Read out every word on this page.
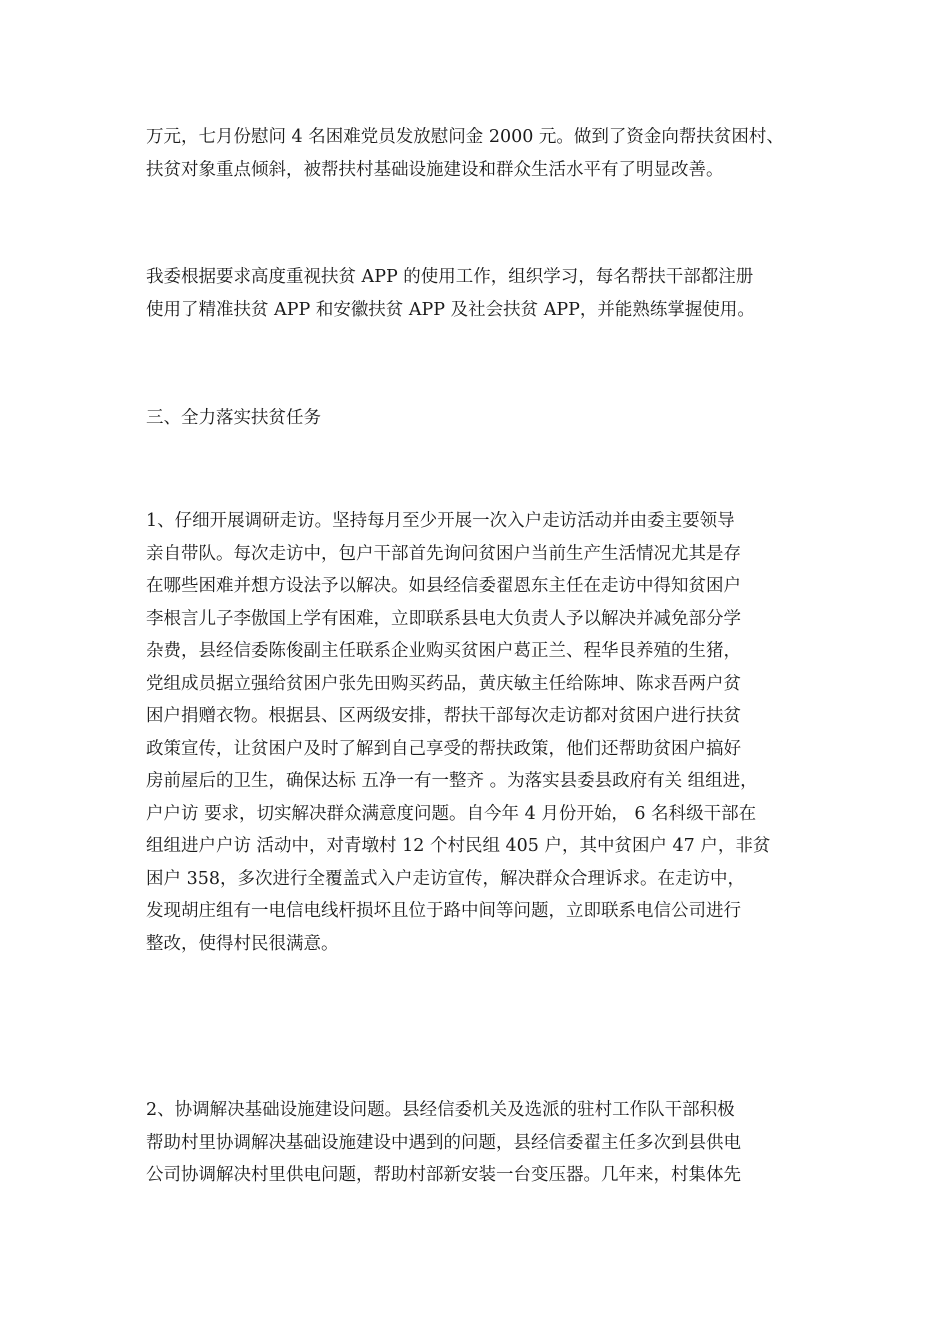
万元，七月份慰问 4 名困难党员发放慰问金 2000 元。做到了资金向帮扶贫困村、
扶贫对象重点倾斜，被帮扶村基础设施建设和群众生活水平有了明显改善。
我委根据要求高度重视扶贫 APP 的使用工作，组织学习，每名帮扶干部都注册
使用了精准扶贫 APP 和安徽扶贫 APP 及社会扶贫 APP，并能熟练掌握使用。
三、全力落实扶贫任务
1、仔细开展调研走访。坚持每月至少开展一次入户走访活动并由委主要领导
亲自带队。每次走访中，包户干部首先询问贫困户当前生产生活情况尤其是存
在哪些困难并想方设法予以解决。如县经信委翟恩东主任在走访中得知贫困户
李根言儿子李傲国上学有困难，立即联系县电大负责人予以解决并减免部分学
杂费，县经信委陈俊副主任联系企业购买贫困户葛正兰、程华艮养殖的生猪，
党组成员据立强给贫困户张先田购买药品，黄庆敏主任给陈坤、陈求吾两户贫
困户捐赠衣物。根据县、区两级安排，帮扶干部每次走访都对贫困户进行扶贫
政策宣传，让贫困户及时了解到自己享受的帮扶政策，他们还帮助贫困户搞好
房前屋后的卫生，确保达标 五净一有一整齐 。为落实县委县政府有关 组组进，
户户访 要求，切实解决群众满意度问题。自今年 4 月份开始， 6 名科级干部在
组组进户户访 活动中，对青墩村 12 个村民组 405 户，其中贫困户 47 户，非贫
困户 358，多次进行全覆盖式入户走访宣传，解决群众合理诉求。在走访中，
发现胡庄组有一电信电线杆损坏且位于路中间等问题，立即联系电信公司进行
整改，使得村民很满意。
2、协调解决基础设施建设问题。县经信委机关及选派的驻村工作队干部积极
帮助村里协调解决基础设施建设中遇到的问题，县经信委翟主任多次到县供电
公司协调解决村里供电问题，帮助村部新安装一台变压器。几年来，村集体先
